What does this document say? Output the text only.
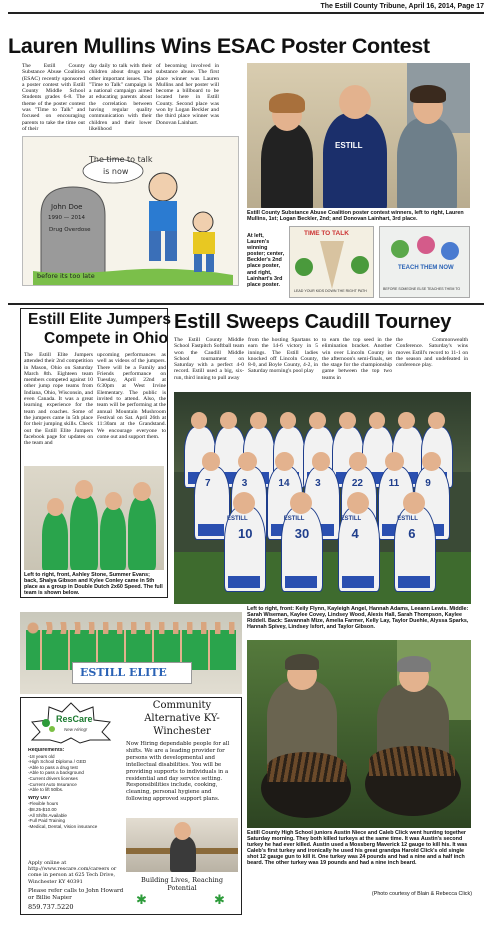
The Estill County Tribune, April 16, 2014, Page 17
Lauren Mullins Wins ESAC Poster Contest
The Estill County Substance Abuse Coalition (ESAC) recently sponsored a poster contest with Estill County Middle School Students grades 6-8. The theme of the poster contest was "Time to Talk" and focused on encouraging parents to take the time out of their
day daily to talk with their children about drugs and other important issues. The "Time to Talk" campaign is a national campaign aimed at educating parents about the correlation between having regular quality communication with their children and their lower likelihood
of becoming involved in substance abuse. The first place winner was Lauren Mullins and her poster will become a billboard to be located here in Estill County. Second place was won by Logan Beckler and the third place winner was Donovan Lainhart.
The time to talk
is now
John Doe
1990 — 2014
Drug Overdose
before its too late
ESTILL
Estill County Substance Abuse Coalition poster contest winners, left to right, Lauren Mullins, 1st; Logan Beckler, 2nd; and Donovan Lainhart, 3rd place.
At left, Lauren's winning poster; center, Beckler's 2nd place poster, and right, Lainhart's 3rd place poster.
TIME TO TALK
LEAD YOUR KIDS DOWN THE RIGHT PATH
TEACH THEM NOW
BEFORE SOMEONE ELSE TEACHES THEM TO
Estill Elite Jumpers
Compete in Ohio
The Estill Elite Jumpers attended their 2nd competition in Mason, Ohio on Saturday March 8th. Eighteen team members competed against 10 other jump rope teams from Indiana, Ohio, Wisconsin, and even Canada. It was a great learning experience for the team and coaches. Some of the jumpers came in 5th place for their jumping skills. Check out the Estill Elite Jumpers facebook page for updates on the team and
upcoming performances as well as videos of the jumpers. There will be a Family and Friends performance on Tuesday, April 22nd at 6:30pm at West Irvine Elementary. The public is invited to attend. Also, the team will be performing at the annual Mountain Mushroom Festival on Sat. April 26th at 11:30am at the Grandstand. We encourage everyone to come out and support them.
Left to right, front, Ashley Stone, Summer Evans; back, Shalya Gibson and Kylee Conley came in 5th place as a group in Double Dutch 2x60 Speed. The full team is shown below.
ESTILL ELITE
Estill Sweeps Caudill Tourney
The Estill County Middle School Fastpitch Softball team won the Caudill Middle School tournament on Saturday with a perfect 4-0 record. Estill used a big, six-run, third inning to pull away
from the hosting Spartans to earn the 14-6 victory in 5 innings. The Estill ladies knocked off Lincoln County, 8-0, and Boyle County, 4-2, in Saturday morning's pool play
to earn the top seed in the elimination bracket. Another win over Lincoln County in the afternoon's semi-finals, set the stage for the championship game between the top two teams in
the Commonwealth Conference. Saturday's wins moves Estill's record to 11-1 on the season and undefeated in conference play.
7	3	14	3	22	11	9
ESTILL
10
ESTILL
30
ESTILL
4
ESTILL
6
Left to right, front: Keily Flynn, Kayleigh Angel, Hannah Adams, Leeann Lewis. Middle: Sarah Wiseman, Kaylee Covey, Lindsey Wood, Alexis Hall, Sarah Thompson, Kaylee Riddell. Back: Savannah Mize, Amelia Farmer, Kelly Lay, Taylor Duehle, Alyssa Sparks, Hannah Spivey, Lindsey Isfort, and Taylor Gibson.
Estill County High School juniors Austin Niece and Caleb Click went hunting together Saturday morning. They both killed turkeys at the same time. It was Austin's second turkey he had ever killed. Austin used a Mossberg Maverick 12 gauge to kill his. It was Caleb's first turkey and ironically he used his great grandpa Harold Click's old single shot 12 gauge gun to kill it. One turkey was 24 pounds and had a nine and a half inch beard. The other turkey was 19 pounds and had a nine inch beard.
(Photo courtesy of Blain & Rebecca Click)
ResCare
New Hiring!
Community
Alternative KY-
Winchester
Now Hiring dependable people for all shifts. We are a leading provider for persons with developmental and intellectual disabilities. You will be providing supports to individuals in a residential and day service setting. Responsibilities include, cooking, cleaning, personal hygiene and following approved support plans.
Requirements:
-18 years old
-High School Diploma / GED
-Able to pass a drug test
-Able to pass a background
-Current drivers licenses
-Current Auto Insurance
-Able to lift 50lbs.
Why Us?
-Flexible hours
-$8.25-$10.00
-All Shifts Available
-Full Paid Training
-Medical, Dental, Vision insurance
Apply online at http://www.rescare.com/careers or come in person at 625 Tech Drive, Winchester KY 40391
Please refer calls to John Howard or Billie Napier
859.737.5220
Building Lives, Reaching
Potential
✱	✱
